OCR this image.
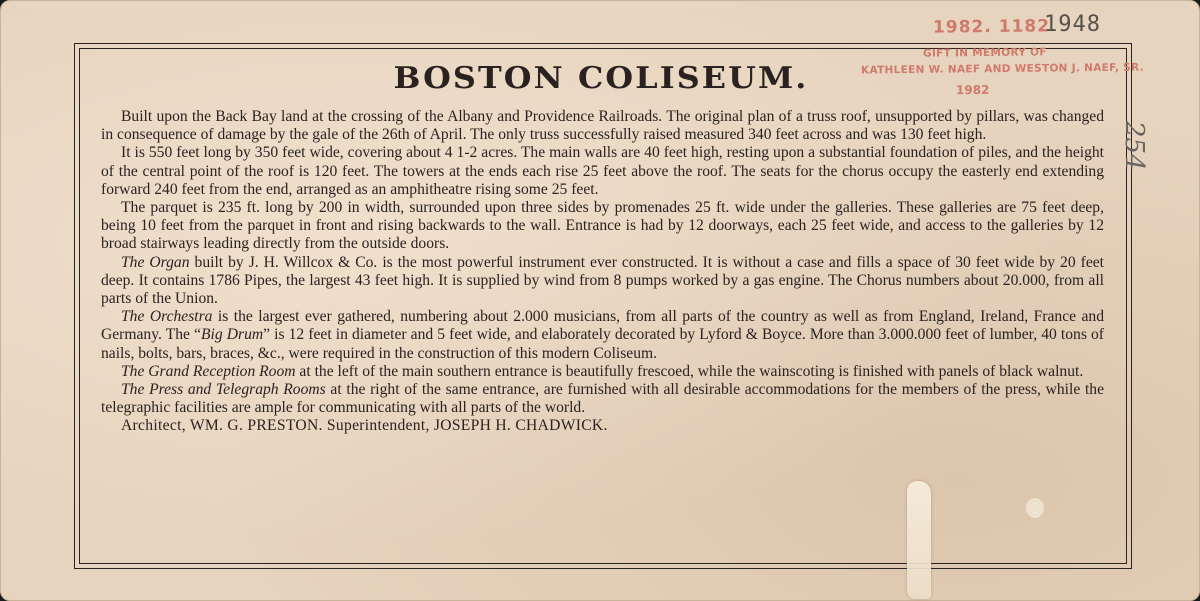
BOSTON COLISEUM.

Built upon the Back Bay land at the crossing of the Albany and Providence Railroads. The original plan of a truss roof, unsupported by pillars, was changed in consequence of damage by the gale of the 26th of April. The only truss successfully raised measured 340 feet across and was 130 feet high.

It is 550 feet long by 350 feet wide, covering about 4 1-2 acres. The main walls are 40 feet high, resting upon a substantial foundation of piles, and the height of the central point of the roof is 120 feet. The towers at the ends each rise 25 feet above the roof. The seats for the chorus occupy the easterly end extending forward 240 feet from the end, arranged as an amphitheatre rising some 25 feet.

The parquet is 235 ft. long by 200 in width, surrounded upon three sides by promenades 25 ft. wide under the galleries. These galleries are 75 feet deep, being 10 feet from the parquet in front and rising backwards to the wall. Entrance is had by 12 doorways, each 25 feet wide, and access to the galleries by 12 broad stairways leading directly from the outside doors.

The Organ built by J. H. Willcox & Co. is the most powerful instrument ever constructed. It is without a case and fills a space of 30 feet wide by 20 feet deep. It contains 1786 Pipes, the largest 43 feet high. It is supplied by wind from 8 pumps worked by a gas engine. The Chorus numbers about 20.000, from all parts of the Union.

The Orchestra is the largest ever gathered, numbering about 2.000 musicians, from all parts of the country as well as from England, Ireland, France and Germany. The “Big Drum” is 12 feet in diameter and 5 feet wide, and elaborately decorated by Lyford & Boyce. More than 3.000.000 feet of lumber, 40 tons of nails, bolts, bars, braces, &c., were required in the construction of this modern Coliseum.

The Grand Reception Room at the left of the main southern entrance is beautifully frescoed, while the wainscoting is finished with panels of black walnut.

The Press and Telegraph Rooms at the right of the same entrance, are furnished with all desirable accommodations for the members of the press, while the telegraphic facilities are ample for communicating with all parts of the world.

Architect, WM. G. PRESTON. Superintendent, JOSEPH H. CHADWICK.

1982. 1182
GIFT IN MEMORY OF
KATHLEEN W. NAEF AND WESTON J. NAEF, SR.
1982
1948
254
